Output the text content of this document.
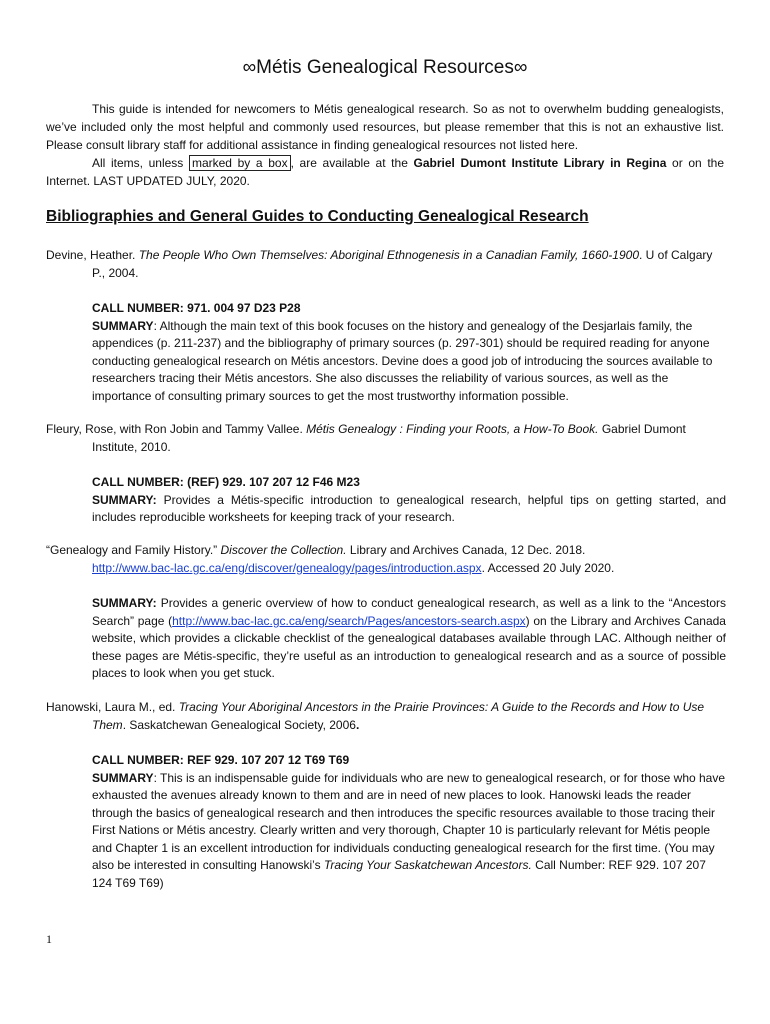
∞Métis Genealogical Resources∞

This guide is intended for newcomers to Métis genealogical research. So as not to overwhelm budding genealogists, we’ve included only the most helpful and commonly used resources, but please remember that this is not an exhaustive list. Please consult library staff for additional assistance in finding genealogical resources not listed here.

All items, unless marked by a box , are available at the Gabriel Dumont Institute Library in Regina or on the Internet. LAST UPDATED JULY, 2020.

Bibliographies and General Guides to Conducting Genealogical Research

Devine, Heather. The People Who Own Themselves: Aboriginal Ethnogenesis in a Canadian Family, 1660-1900. U of Calgary P., 2004.

CALL NUMBER: 971. 004 97 D23 P28

SUMMARY: Although the main text of this book focuses on the history and genealogy of the Desjarlais family, the appendices (p. 211-237) and the bibliography of primary sources (p. 297-301) should be required reading for anyone conducting genealogical research on Métis ancestors. Devine does a good job of introducing the sources available to researchers tracing their Métis ancestors. She also discusses the reliability of various sources, as well as the importance of consulting primary sources to get the most trustworthy information possible.

Fleury, Rose, with Ron Jobin and Tammy Vallee. Métis Genealogy : Finding your Roots, a How-To Book. Gabriel Dumont Institute, 2010.

CALL NUMBER: (REF) 929. 107 207 12 F46 M23

SUMMARY: Provides a Métis-specific introduction to genealogical research, helpful tips on getting started, and includes reproducible worksheets for keeping track of your research.

“Genealogy and Family History.” Discover the Collection. Library and Archives Canada, 12 Dec. 2018.
http://www.bac-lac.gc.ca/eng/discover/genealogy/pages/introduction.aspx. Accessed 20 July 2020.

SUMMARY: Provides a generic overview of how to conduct genealogical research, as well as a link to the “Ancestors Search” page (http://www.bac-lac.gc.ca/eng/search/Pages/ancestors-search.aspx) on the Library and Archives Canada website, which provides a clickable checklist of the genealogical databases available through LAC. Although neither of these pages are Métis-specific, they’re useful as an introduction to genealogical research and as a source of possible places to look when you get stuck.

Hanowski, Laura M., ed. Tracing Your Aboriginal Ancestors in the Prairie Provinces: A Guide to the Records and How to Use Them. Saskatchewan Genealogical Society, 2006.

CALL NUMBER: REF 929. 107 207 12 T69 T69

SUMMARY: This is an indispensable guide for individuals who are new to genealogical research, or for those who have exhausted the avenues already known to them and are in need of new places to look. Hanowski leads the reader through the basics of genealogical research and then introduces the specific resources available to those tracing their First Nations or Métis ancestry. Clearly written and very thorough, Chapter 10 is particularly relevant for Métis people and Chapter 1 is an excellent introduction for individuals conducting genealogical research for the first time. (You may also be interested in consulting Hanowski’s Tracing Your Saskatchewan Ancestors. Call Number: REF 929. 107 207 124 T69 T69)

1
